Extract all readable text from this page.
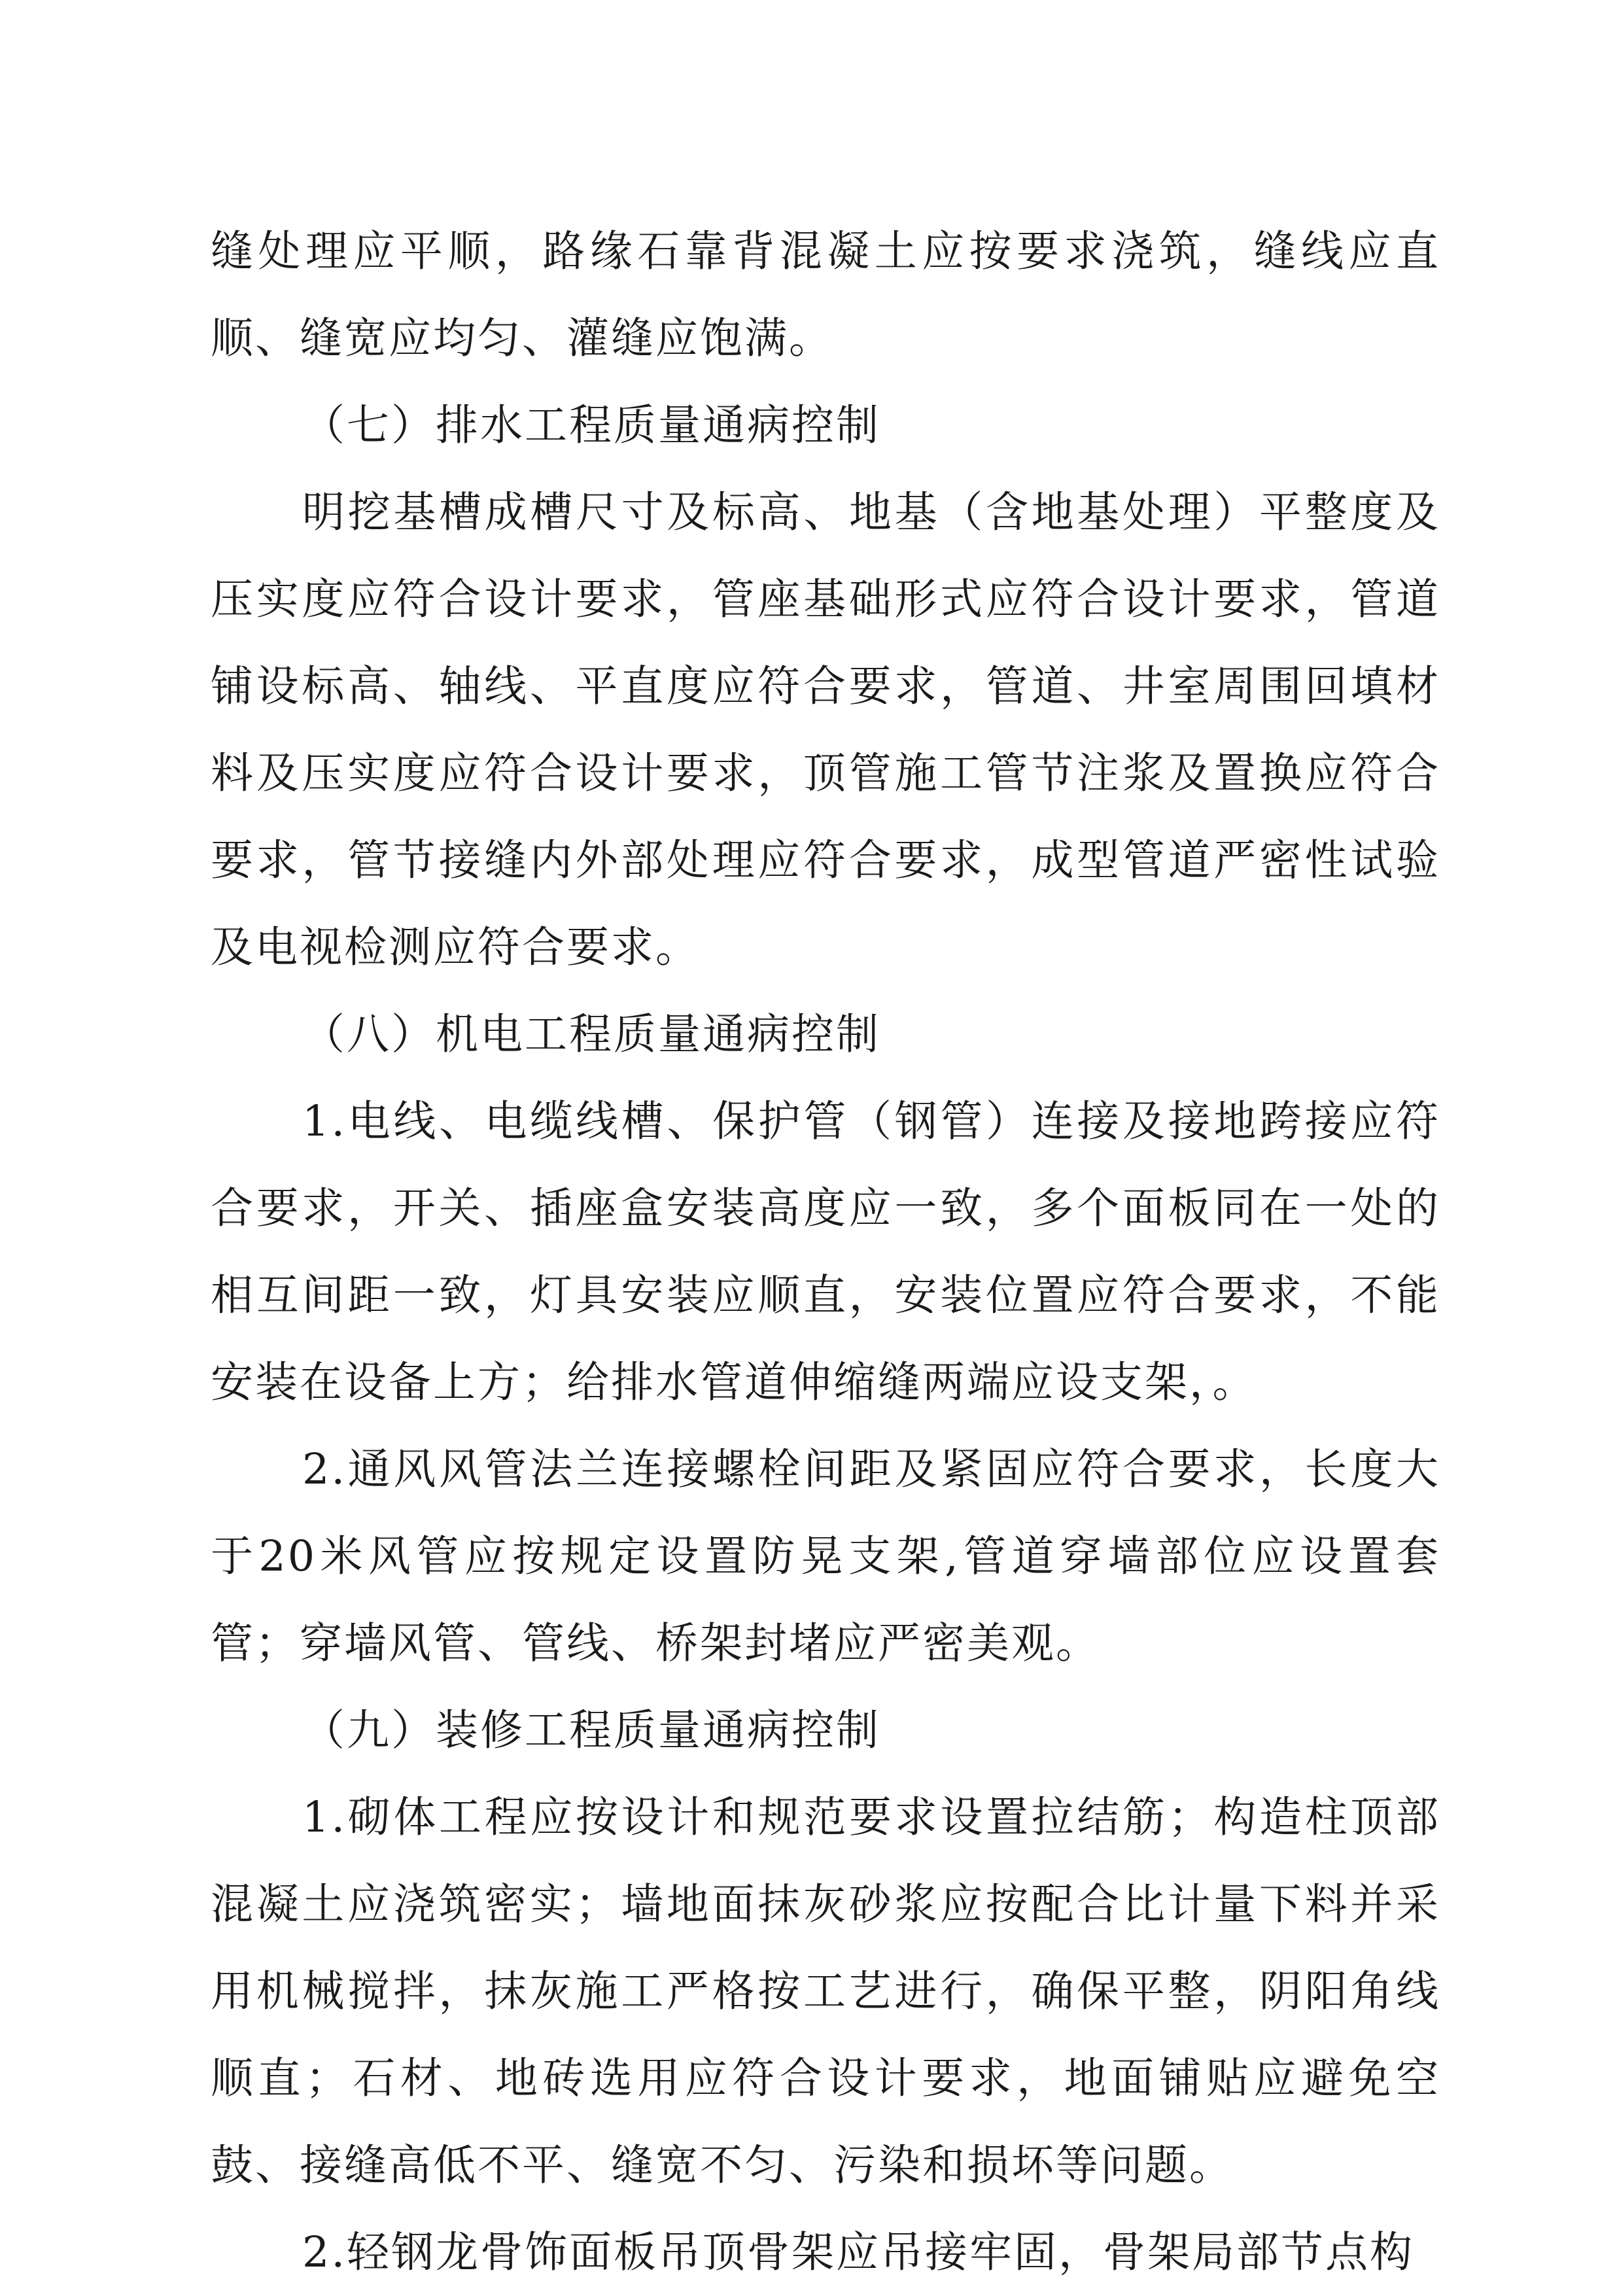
缝处理应平顺，路缘石靠背混凝土应按要求浇筑，缝线应直顺、缝宽应均匀、灌缝应饱满。

（七）排水工程质量通病控制

明挖基槽成槽尺寸及标高、地基（含地基处理）平整度及压实度应符合设计要求，管座基础形式应符合设计要求，管道铺设标高、轴线、平直度应符合要求，管道、井室周围回填材料及压实度应符合设计要求，顶管施工管节注浆及置换应符合要求，管节接缝内外部处理应符合要求，成型管道严密性试验及电视检测应符合要求。

（八）机电工程质量通病控制

1.电线、电缆线槽、保护管（钢管）连接及接地跨接应符合要求，开关、插座盒安装高度应一致，多个面板同在一处的相互间距一致，灯具安装应顺直，安装位置应符合要求，不能安装在设备上方；给排水管道伸缩缝两端应设支架，。

2.通风风管法兰连接螺栓间距及紧固应符合要求，长度大于20米风管应按规定设置防晃支架,管道穿墙部位应设置套管；穿墙风管、管线、桥架封堵应严密美观。

（九）装修工程质量通病控制

1.砌体工程应按设计和规范要求设置拉结筋；构造柱顶部混凝土应浇筑密实；墙地面抹灰砂浆应按配合比计量下料并采用机械搅拌，抹灰施工严格按工艺进行，确保平整，阴阳角线顺直；石材、地砖选用应符合设计要求，地面铺贴应避免空鼓、接缝高低不平、缝宽不匀、污染和损坏等问题。

2.轻钢龙骨饰面板吊顶骨架应吊接牢固，骨架局部节点构
